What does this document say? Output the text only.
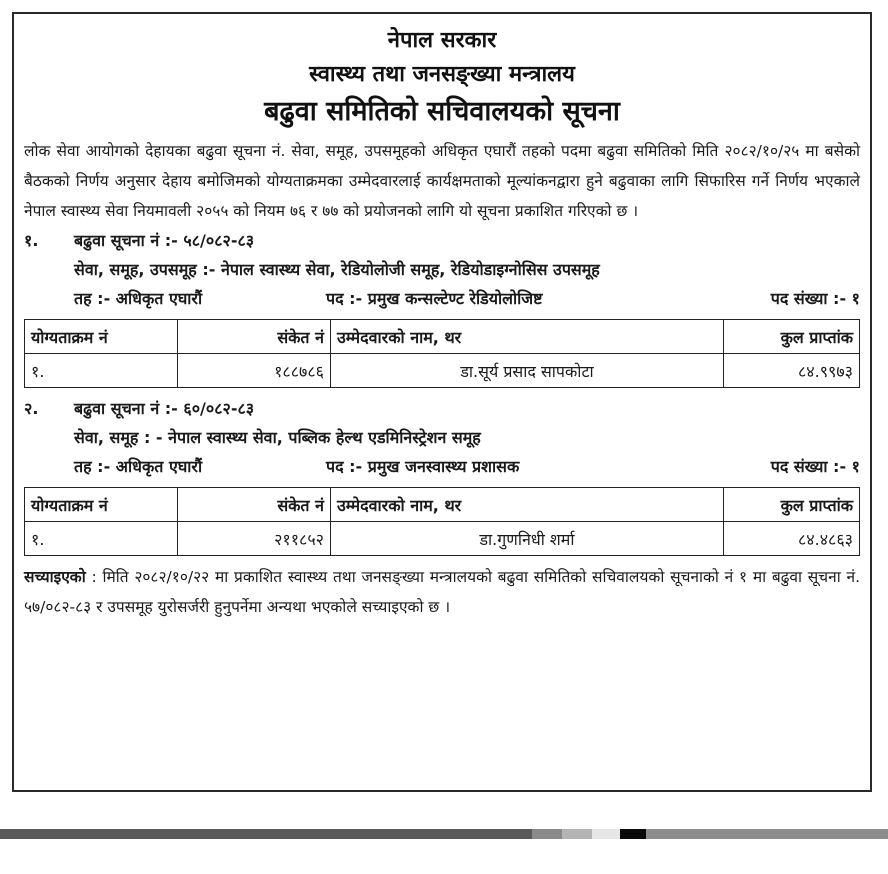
नेपाल सरकार
स्वास्थ्य तथा जनसङ्ख्या मन्त्रालय
बढुवा समितिको सचिवालयको सूचना
लोक सेवा आयोगको देहायका बढुवा सूचना नं. सेवा, समूह, उपसमूहको अधिकृत एघारौं तहको पदमा बढुवा समितिको मिति २०८२/१०/२५ मा बसेको बैठकको निर्णय अनुसार देहाय बमोजिमको योग्यताक्रमका उम्मेदवारलाई कार्यक्षमताको मूल्यांकनद्वारा हुने बढुवाका लागि सिफारिस गर्ने निर्णय भएकाले नेपाल स्वास्थ्य सेवा नियमावली २०५५ को नियम ७६ र ७७ को प्रयोजनको लागि यो सूचना प्रकाशित गरिएको छ ।
१.	बढुवा सूचना नं :- ५८/०८२-८३
सेवा, समूह, उपसमूह :- नेपाल स्वास्थ्य सेवा, रेडियोलोजी समूह, रेडियोडाइग्नोसिस उपसमूह
तह :- अधिकृत एघारौं	पद :- प्रमुख कन्सल्टेण्ट रेडियोलोजिष्ट	पद संख्या :- १
योग्यताक्रम नं	संकेत नं	उम्मेदवारको नाम, थर	कुल प्राप्तांक
१.	१८८७८६	डा.सूर्य प्रसाद सापकोटा	८४.९९७३
२.	बढुवा सूचना नं :- ६०/०८२-८३
सेवा, समूह : - नेपाल स्वास्थ्य सेवा, पब्लिक हेल्थ एडमिनिस्ट्रेशन समूह
तह :- अधिकृत एघारौं	पद :- प्रमुख जनस्वास्थ्य प्रशासक	पद संख्या :- १
योग्यताक्रम नं	संकेत नं	उम्मेदवारको नाम, थर	कुल प्राप्तांक
१.	२११८५२	डा.गुणनिधी शर्मा	८४.४८६३
सच्याइएको : मिति २०८२/१०/२२ मा प्रकाशित स्वास्थ्य तथा जनसङ्ख्या मन्त्रालयको बढुवा समितिको सचिवालयको सूचनाको नं १ मा बढुवा सूचना नं. ५७/०८२-८३ र उपसमूह युरोसर्जरी हुनुपर्नेमा अन्यथा भएकोले सच्याइएको छ ।
